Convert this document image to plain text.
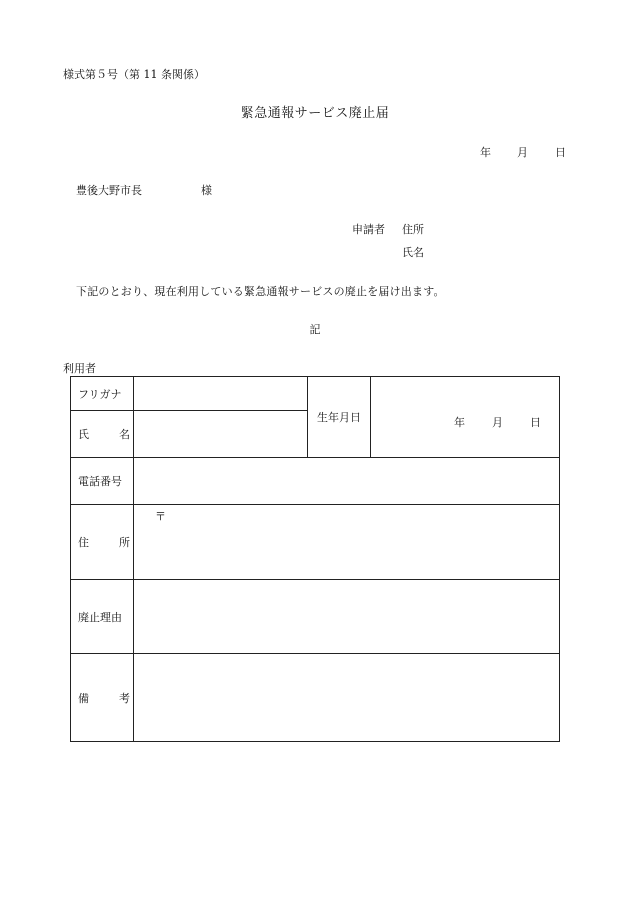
様式第５号（第 11 条関係）
緊急通報サービス廃止届
年 月 日
豊後大野市長	様
申請者 住所
氏名
下記のとおり、現在利用している緊急通報サービスの廃止を届け出ます。
記
利用者
フリガナ		生年月日	年 月 日

氏 名			
電話番号			
住 所	〒		

廃止理由			
備 考			
